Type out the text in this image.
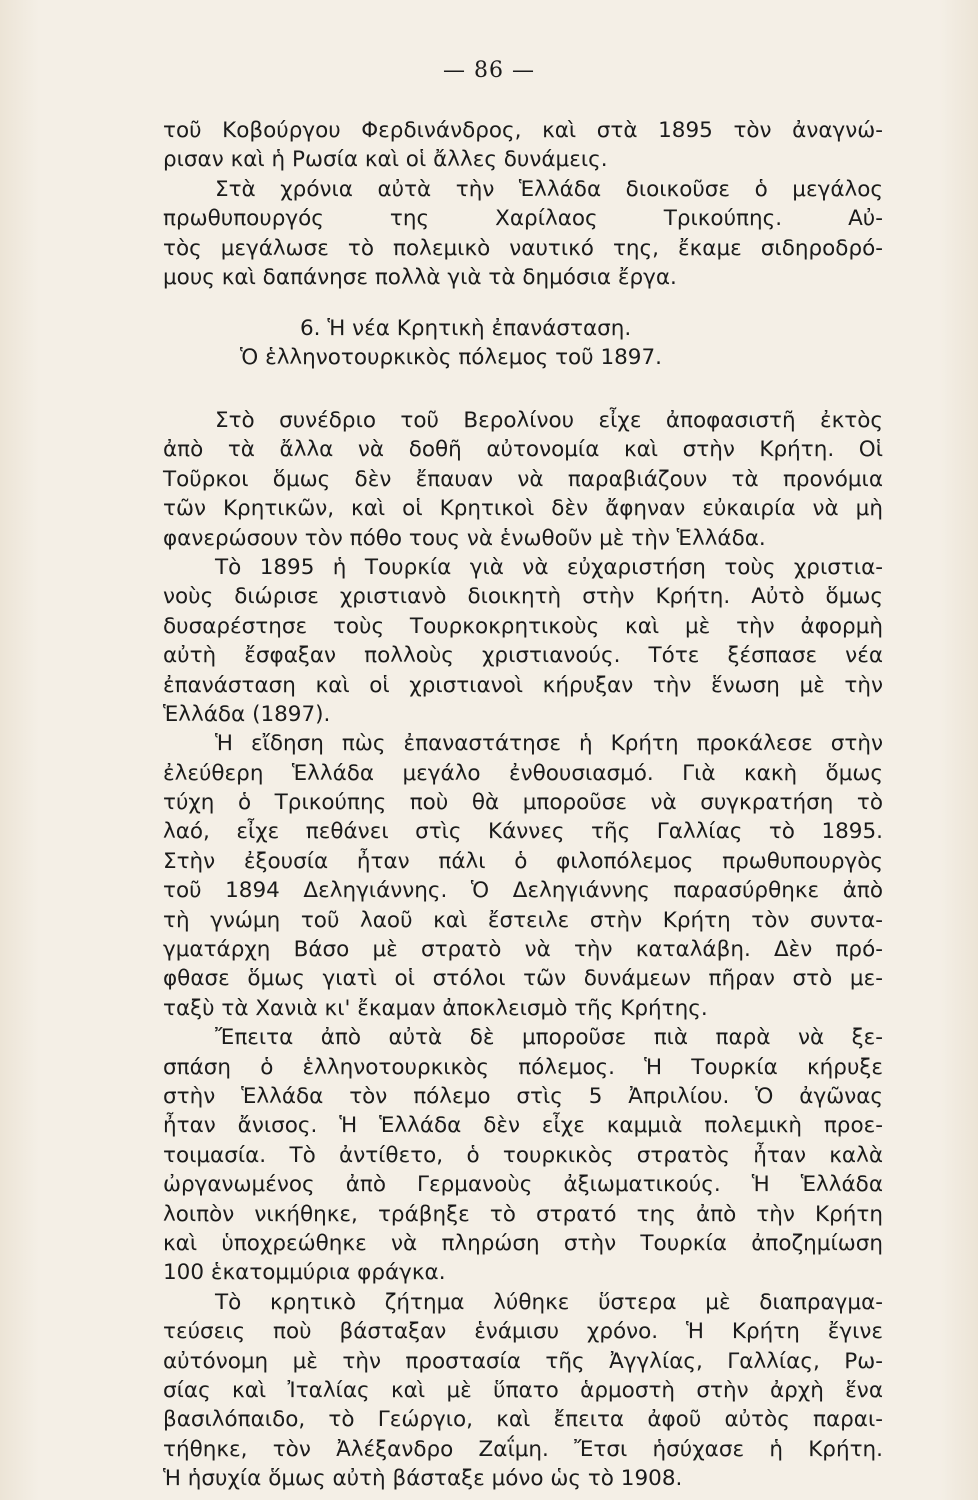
— 86 —
τοῦ Κοβούργου Φερδινάνδρος, καὶ στὰ 1895 τὸν ἀναγνώ-
ρισαν καὶ ἡ Ρωσία καὶ οἱ ἄλλες δυνάμεις.
Στὰ χρόνια αὐτὰ τὴν Ἑλλάδα διοικοῦσε ὁ μεγάλος
πρωθυπουργός της Χαρίλαος Τρικούπης. Αὐ-
τὸς μεγάλωσε τὸ πολεμικὸ ναυτικό της, ἔκαμε σιδηροδρό-
μους καὶ δαπάνησε πολλὰ γιὰ τὰ δημόσια ἔργα.
6. Ἡ νέα Κρητικὴ ἐπανάσταση.
Ὁ ἑλληνοτουρκικὸς πόλεμος τοῦ 1897.
Στὸ συνέδριο τοῦ Βερολίνου εἶχε ἀποφασιστῆ ἐκτὸς
ἀπὸ τὰ ἄλλα νὰ δοθῆ αὐτονομία καὶ στὴν Κρήτη. Οἱ
Τοῦρκοι ὅμως δὲν ἔπαυαν νὰ παραβιάζουν τὰ προνόμια
τῶν Κρητικῶν, καὶ οἱ Κρητικοὶ δὲν ἄφηναν εὐκαιρία νὰ μὴ
φανερώσουν τὸν πόθο τους νὰ ἑνωθοῦν μὲ τὴν Ἑλλάδα.
Τὸ 1895 ἡ Τουρκία γιὰ νὰ εὐχαριστήση τοὺς χριστια-
νοὺς διώρισε χριστιανὸ διοικητὴ στὴν Κρήτη. Αὐτὸ ὅμως
δυσαρέστησε τοὺς Τουρκοκρητικοὺς καὶ μὲ τὴν ἀφορμὴ
αὐτὴ ἔσφαξαν πολλοὺς χριστιανούς. Τότε ξέσπασε νέα
ἐπανάσταση καὶ οἱ χριστιανοὶ κήρυξαν τὴν ἕνωση μὲ τὴν
Ἑλλάδα (1897).
Ἡ εἴδηση πὼς ἐπαναστάτησε ἡ Κρήτη προκάλεσε στὴν
ἐλεύθερη Ἑλλάδα μεγάλο ἐνθουσιασμό. Γιὰ κακὴ ὅμως
τύχη ὁ Τρικούπης ποὺ θὰ μποροῦσε νὰ συγκρατήση τὸ
λαό, εἶχε πεθάνει στὶς Κάννες τῆς Γαλλίας τὸ 1895.
Στὴν ἐξουσία ἦταν πάλι ὁ φιλοπόλεμος πρωθυπουργὸς
τοῦ 1894 Δεληγιάννης. Ὁ Δεληγιάννης παρασύρθηκε ἀπὸ
τὴ γνώμη τοῦ λαοῦ καὶ ἔστειλε στὴν Κρήτη τὸν συντα-
γματάρχη Βάσο μὲ στρατὸ νὰ τὴν καταλάβη. Δὲν πρό-
φθασε ὅμως γιατὶ οἱ στόλοι τῶν δυνάμεων πῆραν στὸ με-
ταξὺ τὰ Χανιὰ κι' ἔκαμαν ἀποκλεισμὸ τῆς Κρήτης.
Ἔπειτα ἀπὸ αὐτὰ δὲ μποροῦσε πιὰ παρὰ νὰ ξε-
σπάση ὁ ἑλληνοτουρκικὸς πόλεμος. Ἡ Τουρκία κήρυξε
στὴν Ἑλλάδα τὸν πόλεμο στὶς 5 Ἀπριλίου. Ὁ ἀγῶνας
ἦταν ἄνισος. Ἡ Ἑλλάδα δὲν εἶχε καμμιὰ πολεμικὴ προε-
τοιμασία. Τὸ ἀντίθετο, ὁ τουρκικὸς στρατὸς ἦταν καλὰ
ὠργανωμένος ἀπὸ Γερμανοὺς ἀξιωματικούς. Ἡ Ἑλλάδα
λοιπὸν νικήθηκε, τράβηξε τὸ στρατό της ἀπὸ τὴν Κρήτη
καὶ ὑποχρεώθηκε νὰ πληρώση στὴν Τουρκία ἀποζημίωση
100 ἑκατομμύρια φράγκα.
Τὸ κρητικὸ ζήτημα λύθηκε ὕστερα μὲ διαπραγμα-
τεύσεις ποὺ βάσταξαν ἑνάμισυ χρόνο. Ἡ Κρήτη ἔγινε
αὐτόνομη μὲ τὴν προστασία τῆς Ἀγγλίας, Γαλλίας, Ρω-
σίας καὶ Ἰταλίας καὶ μὲ ὕπατο ἁρμοστὴ στὴν ἀρχὴ ἕνα
βασιλόπαιδο, τὸ Γεώργιο, καὶ ἔπειτα ἀφοῦ αὐτὸς παραι-
τήθηκε, τὸν Ἀλέξανδρο Ζαΐμη. Ἔτσι ἡσύχασε ἡ Κρήτη.
Ἡ ἡσυχία ὅμως αὐτὴ βάσταξε μόνο ὡς τὸ 1908.
